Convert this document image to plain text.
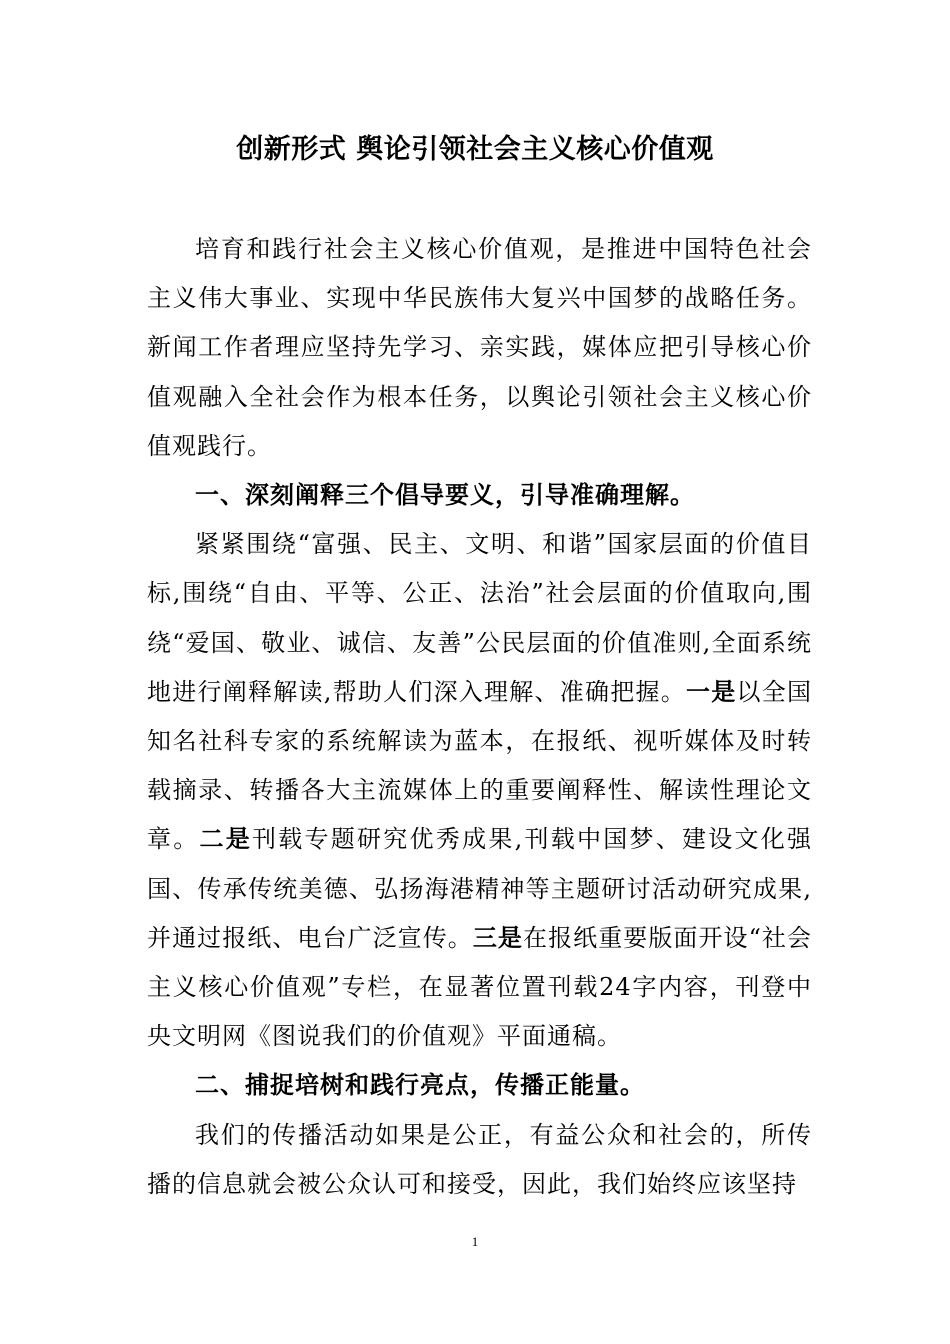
创新形式 舆论引领社会主义核心价值观

培育和践行社会主义核心价值观，是推进中国特色社会主义伟大事业、实现中华民族伟大复兴中国梦的战略任务。新闻工作者理应坚持先学习、亲实践，媒体应把引导核心价值观融入全社会作为根本任务，以舆论引领社会主义核心价值观践行。

一、深刻阐释三个倡导要义，引导准确理解。

紧紧围绕“富强、民主、文明、和谐”国家层面的价值目标,围绕“自由、平等、公正、法治”社会层面的价值取向,围绕“爱国、敬业、诚信、友善”公民层面的价值准则,全面系统地进行阐释解读,帮助人们深入理解、准确把握。一是以全国知名社科专家的系统解读为蓝本，在报纸、视听媒体及时转载摘录、转播各大主流媒体上的重要阐释性、解读性理论文章。二是刊载专题研究优秀成果,刊载中国梦、建设文化强国、传承传统美德、弘扬海港精神等主题研讨活动研究成果,并通过报纸、电台广泛宣传。三是在报纸重要版面开设“社会主义核心价值观”专栏，在显著位置刊载24字内容，刊登中央文明网《图说我们的价值观》平面通稿。

二、捕捉培树和践行亮点，传播正能量。

我们的传播活动如果是公正，有益公众和社会的，所传播的信息就会被公众认可和接受，因此，我们始终应该坚持

1
